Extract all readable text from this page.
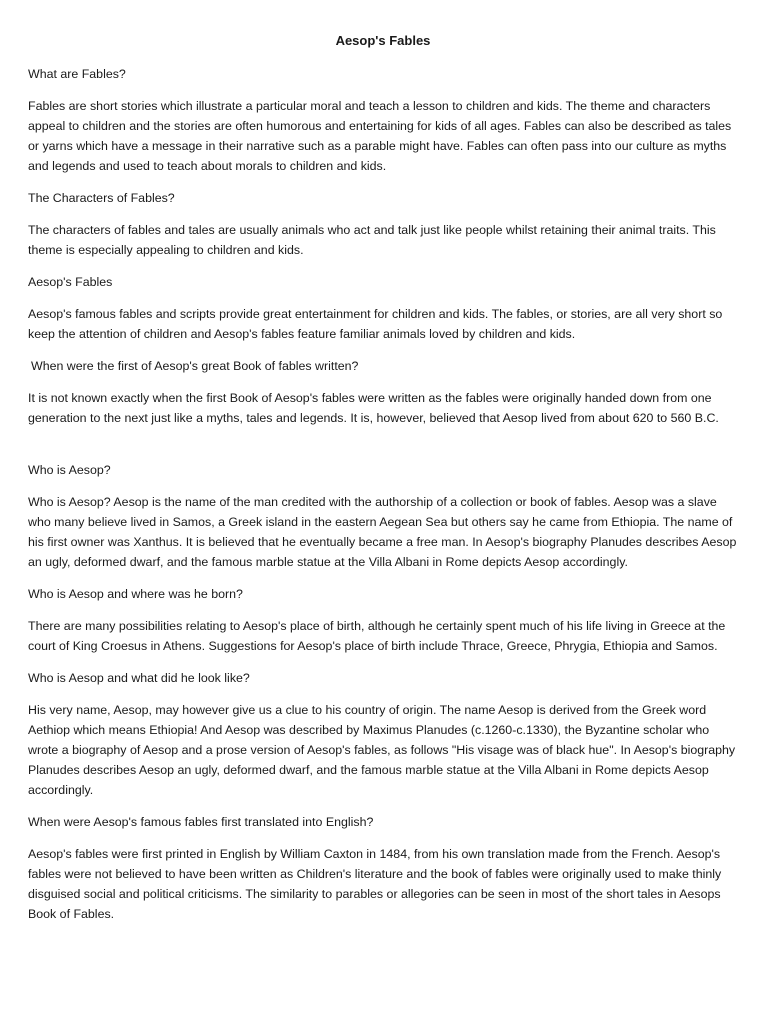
Aesop's Fables
What are Fables?
Fables are short stories which illustrate a particular moral and teach a lesson to children and kids. The theme and characters appeal to children and the stories are often humorous and entertaining for kids of all ages. Fables can also be described as tales or yarns which have a message in their narrative such as a parable might have. Fables can often pass into our culture as myths and legends and used to teach about morals to children and kids.
The Characters of Fables?
The characters of fables and tales are usually animals who act and talk just like people whilst retaining their animal traits. This theme is especially appealing to children and kids.
Aesop's Fables
Aesop's famous fables and scripts provide great entertainment for children and kids. The fables, or stories, are all very short so keep the attention of children and Aesop's fables feature familiar animals loved by children and kids.
When were the first of Aesop's great Book of fables written?
It is not known exactly when the first Book of Aesop's fables were written as the fables were originally handed down from one generation to the next just like a myths, tales and legends. It is, however, believed that Aesop lived from about 620 to 560 B.C.
Who is Aesop?
Who is Aesop? Aesop is the name of the man credited with the authorship of a collection or book of fables. Aesop was a slave who many believe lived in Samos, a Greek island in the eastern Aegean Sea but others say he came from Ethiopia. The name of his first owner was Xanthus. It is believed that he eventually became a free man. In Aesop's biography Planudes describes Aesop an ugly, deformed dwarf, and the famous marble statue at the Villa Albani in Rome depicts Aesop accordingly.
Who is Aesop and where was he born?
There are many possibilities relating to Aesop's place of birth, although he certainly spent much of his life living in Greece at the court of King Croesus in Athens. Suggestions for Aesop's place of birth include Thrace, Greece, Phrygia, Ethiopia and Samos.
Who is Aesop and what did he look like?
His very name, Aesop, may however give us a clue to his country of origin. The name Aesop is derived from the Greek word Aethiop which means Ethiopia! And Aesop was described by Maximus Planudes (c.1260-c.1330), the Byzantine scholar who wrote a biography of Aesop and a prose version of Aesop's fables, as follows "His visage was of black hue". In Aesop's biography Planudes describes Aesop an ugly, deformed dwarf, and the famous marble statue at the Villa Albani in Rome depicts Aesop accordingly.
When were Aesop's famous fables first translated into English?
Aesop's fables were first printed in English by William Caxton in 1484, from his own translation made from the French. Aesop's fables were not believed to have been written as Children's literature and the book of fables were originally used to make thinly disguised social and political criticisms. The similarity to parables or allegories can be seen in most of the short tales in Aesops Book of Fables.
